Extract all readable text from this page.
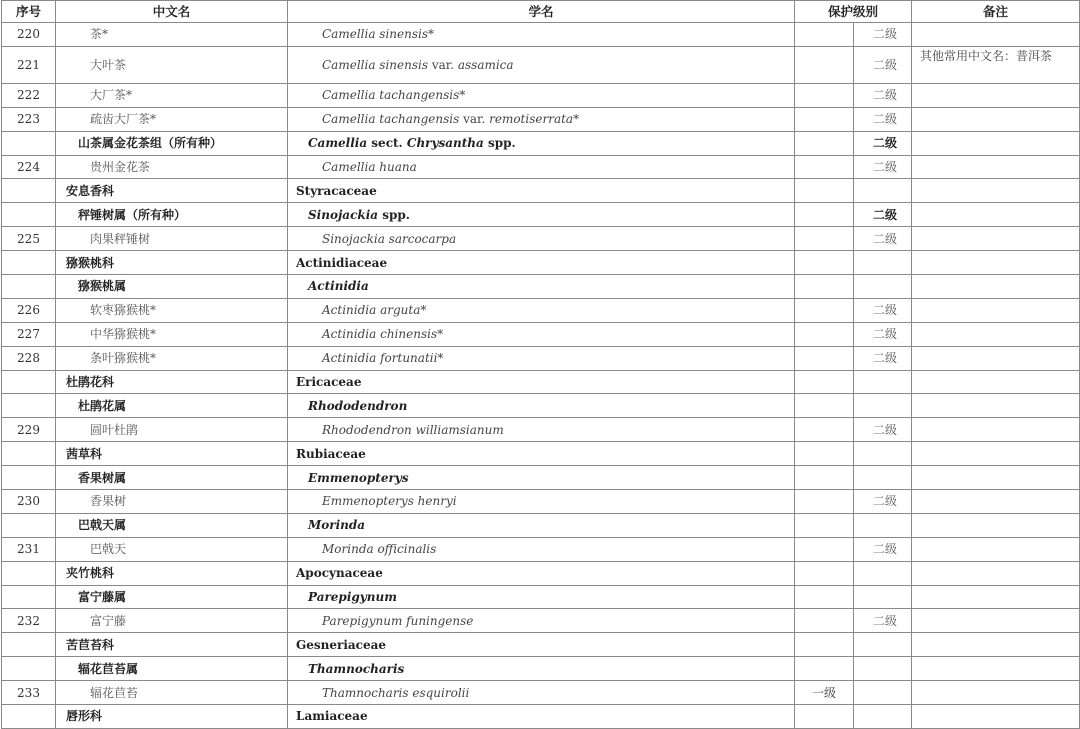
序号	中文名	学名	保护级别		备注
220	茶*	Camellia sinensis*		二级	
221	大叶茶	Camellia sinensis var. assamica		二级	其他常用中文名：普洱茶
222	大厂茶*	Camellia tachangensis*		二级	
223	疏齿大厂茶*	Camellia tachangensis var. remotiserrata*		二级	
	山茶属金花茶组（所有种）	Camellia sect. Chrysantha spp.		二级	
224	贵州金花茶	Camellia huana		二级	
	安息香科	Styracaceae			
	秤锤树属（所有种）	Sinojackia spp.		二级	
225	肉果秤锤树	Sinojackia sarcocarpa		二级	
	猕猴桃科	Actinidiaceae			
	猕猴桃属	Actinidia			
226	软枣猕猴桃*	Actinidia arguta*		二级	
227	中华猕猴桃*	Actinidia chinensis*		二级	
228	条叶猕猴桃*	Actinidia fortunatii*		二级	
	杜鹃花科	Ericaceae			
	杜鹃花属	Rhododendron			
229	圆叶杜鹃	Rhododendron williamsianum		二级	
	茜草科	Rubiaceae			
	香果树属	Emmenopterys			
230	香果树	Emmenopterys henryi		二级	
	巴戟天属	Morinda			
231	巴戟天	Morinda officinalis		二级	
	夹竹桃科	Apocynaceae			
	富宁藤属	Parepigynum			
232	富宁藤	Parepigynum funingense		二级	
	苦苣苔科	Gesneriaceae			
	辐花苣苔属	Thamnocharis			
233	辐花苣苔	Thamnocharis esquirolii	一级		
	唇形科	Lamiaceae			
